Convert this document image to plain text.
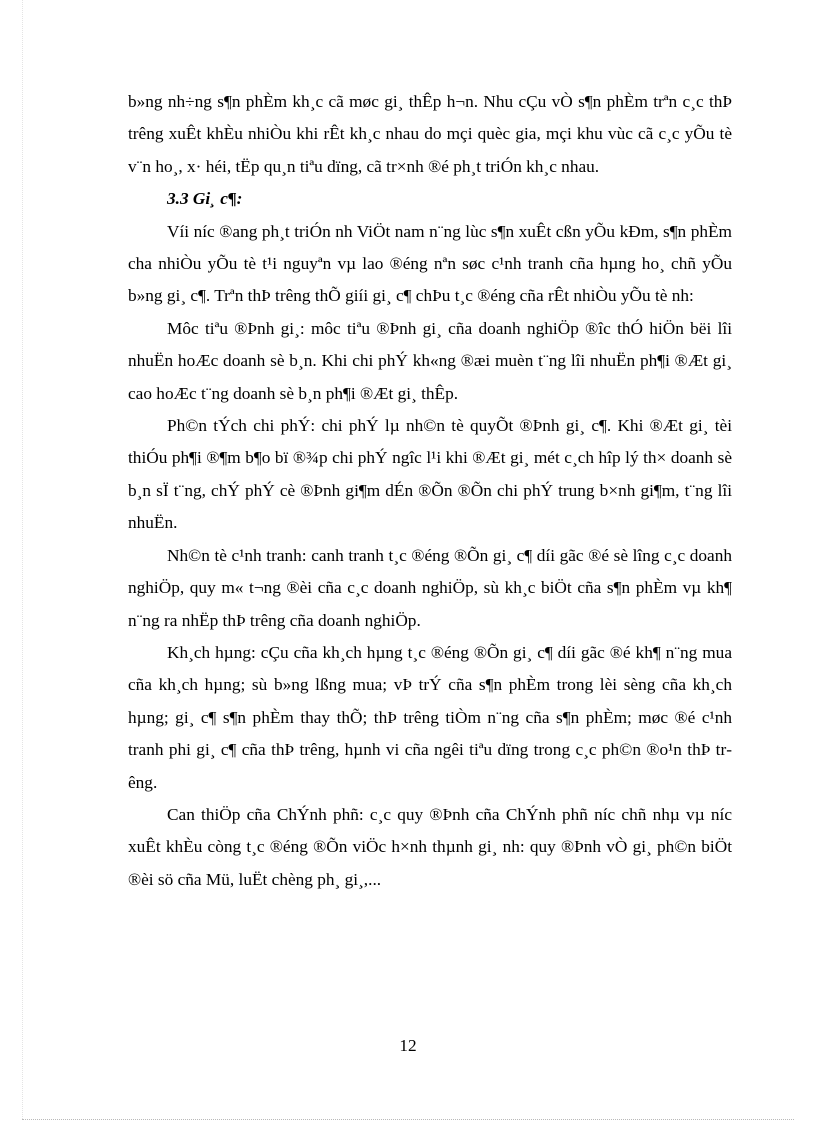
b»ng nh÷ng s¶n phÈm kh¸c cã møc gi¸ thÊp h¬n. Nhu cÇu vÒ s¶n phÈm trªn c¸c thÞ trêng xuÊt khÈu nhiÒu khi rÊt kh¸c nhau do mçi quèc gia, mçi khu vùc cã c¸c yÕu tè v¨n ho¸, x· héi, tËp qu¸n tiªu dïng, cã tr×nh ®é ph¸t triÓn kh¸c nhau.

3.3 Gi¸ c¶:

Víi níc ®ang ph¸t triÓn nh ViÖt nam n¨ng lùc s¶n xuÊt cßn yÕu kÐm, s¶n phÈm cha nhiÒu yÕu tè t¹i nguyªn vµ lao ®éng nªn søc c¹nh tranh cña hµng ho¸ chñ yÕu b»ng gi¸ c¶. Trªn thÞ trêng thÕ giíi gi¸ c¶ chÞu t¸c ®éng cña rÊt nhiÒu yÕu tè nh:

Môc tiªu ®Þnh gi¸: môc tiªu ®Þnh gi¸ cña doanh nghiÖp ®îc thÓ hiÖn bëi lîi nhuËn hoÆc doanh sè b¸n. Khi chi phÝ kh«ng ®æi muèn t¨ng lîi nhuËn ph¶i ®Æt gi¸ cao hoÆc t¨ng doanh sè b¸n ph¶i ®Æt gi¸ thÊp.

Ph©n tÝch chi phÝ: chi phÝ lµ nh©n tè quyÕt ®Þnh gi¸ c¶. Khi ®Æt gi¸ tèi thiÓu ph¶i ®¶m b¶o bï ®¾p chi phÝ ngîc l¹i khi ®Æt gi¸ mét c¸ch hîp lý th× doanh sè b¸n sÏ t¨ng, chÝ phÝ cè ®Þnh gi¶m dÉn ®Õn ®Õn chi phÝ trung b×nh gi¶m, t¨ng lîi nhuËn.

Nh©n tè c¹nh tranh: canh tranh t¸c ®éng ®Õn gi¸ c¶ díi gãc ®é sè lîng c¸c doanh nghiÖp, quy m« t¬ng ®èi cña c¸c doanh nghiÖp, sù kh¸c biÖt cña s¶n phÈm vµ kh¶ n¨ng ra nhËp thÞ trêng cña doanh nghiÖp.

Kh¸ch hµng: cÇu cña kh¸ch hµng t¸c ®éng ®Õn gi¸ c¶ díi gãc ®é kh¶ n¨ng mua cña kh¸ch hµng; sù b»ng lßng mua; vÞ trÝ cña s¶n phÈm trong lèi sèng cña kh¸ch hµng; gi¸ c¶ s¶n phÈm thay thÕ; thÞ trêng tiÒm n¨ng cña s¶n phÈm; møc ®é c¹nh tranh phi gi¸ c¶ cña thÞ trêng, hµnh vi cña ngêi tiªu dïng trong c¸c ph©n ®o¹n thÞ trêng.

Can thiÖp cña ChÝnh phñ: c¸c quy ®Þnh cña ChÝnh phñ níc chñ nhµ vµ níc xuÊt khÈu còng t¸c ®éng ®Õn viÖc h×nh thµnh gi¸ nh: quy ®Þnh vÒ gi¸ ph©n biÖt ®èi sö cña Mü, luËt chèng ph¸ gi¸,...

12
